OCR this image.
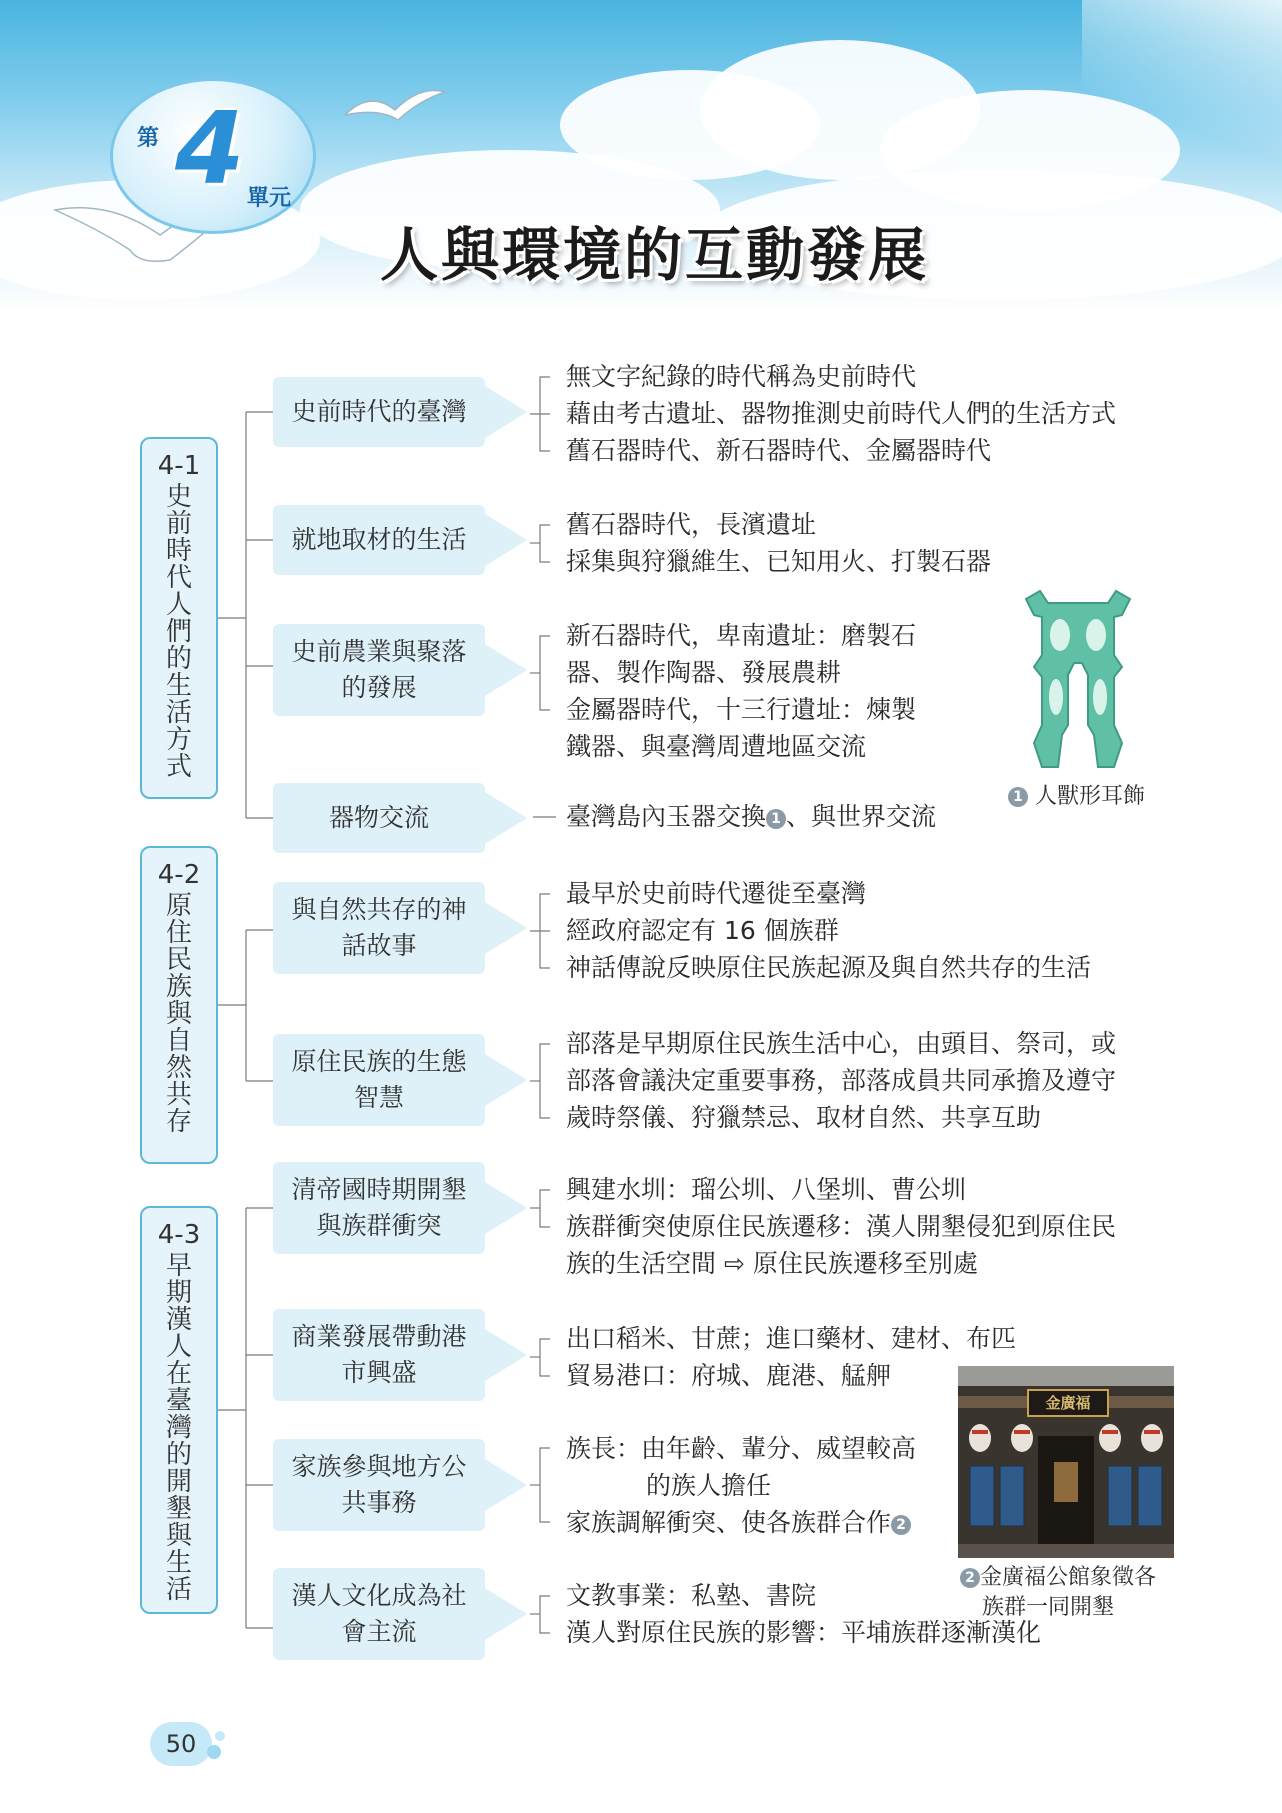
第 4 單元
人與環境的互動發展
4-1
史前時代人們的生活方式
4-2
原住民族與自然共存
4-3
早期漢人在臺灣的開墾與生活
史前時代的臺灣
就地取材的生活
史前農業與聚落的發展
器物交流
與自然共存的神話故事
原住民族的生態智慧
清帝國時期開墾與族群衝突
商業發展帶動港市興盛
家族參與地方公共事務
漢人文化成為社會主流
無文字紀錄的時代稱為史前時代
藉由考古遺址、器物推測史前時代人們的生活方式
舊石器時代、新石器時代、金屬器時代
舊石器時代，長濱遺址
採集與狩獵維生、已知用火、打製石器
新石器時代，卑南遺址：磨製石
器、製作陶器、發展農耕
金屬器時代，十三行遺址：煉製
鐵器、與臺灣周遭地區交流
臺灣島內玉器交換 1 、與世界交流
最早於史前時代遷徙至臺灣
經政府認定有 16 個族群
神話傳說反映原住民族起源及與自然共存的生活
部落是早期原住民族生活中心，由頭目、祭司，或
部落會議決定重要事務，部落成員共同承擔及遵守
歲時祭儀、狩獵禁忌、取材自然、共享互助
興建水圳：瑠公圳、八堡圳、曹公圳
族群衝突使原住民族遷移：漢人開墾侵犯到原住民
族的生活空間 ⇨ 原住民族遷移至別處
出口稻米、甘蔗；進口藥材、建材、布匹
貿易港口：府城、鹿港、艋舺
族長：由年齡、輩分、威望較高
的族人擔任
家族調解衝突、使各族群合作 2
文教事業：私塾、書院
漢人對原住民族的影響：平埔族群逐漸漢化
1 人獸形耳飾
金廣福
2 金廣福公館象徵各
族群一同開墾
50
